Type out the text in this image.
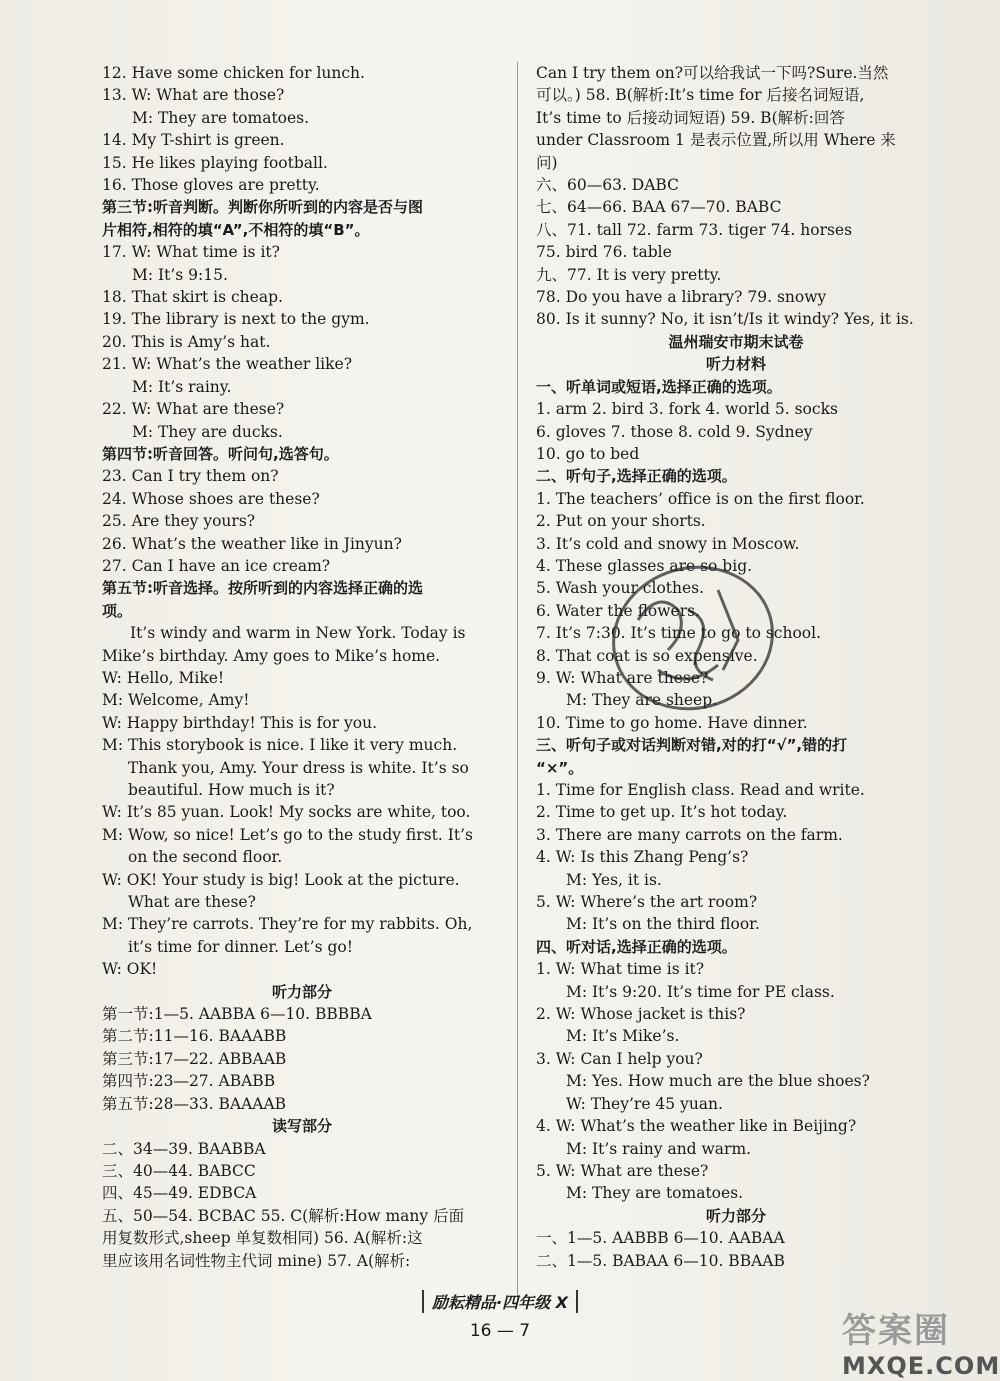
12. Have some chicken for lunch.
13. W: What are those?
M: They are tomatoes.
14. My T-shirt is green.
15. He likes playing football.
16. Those gloves are pretty.
第三节:听音判断。判断你所听到的内容是否与图
片相符,相符的填“A”,不相符的填“B”。
17. W: What time is it?
M: It’s 9:15.
18. That skirt is cheap.
19. The library is next to the gym.
20. This is Amy’s hat.
21. W: What’s the weather like?
M: It’s rainy.
22. W: What are these?
M: They are ducks.
第四节:听音回答。听问句,选答句。
23. Can I try them on?
24. Whose shoes are these?
25. Are they yours?
26. What’s the weather like in Jinyun?
27. Can I have an ice cream?
第五节:听音选择。按所听到的内容选择正确的选
项。
It’s windy and warm in New York. Today is
Mike’s birthday. Amy goes to Mike’s home.
W: Hello, Mike!
M: Welcome, Amy!
W: Happy birthday! This is for you.
M: This storybook is nice. I like it very much.
Thank you, Amy. Your dress is white. It’s so
beautiful. How much is it?
W: It’s 85 yuan. Look! My socks are white, too.
M: Wow, so nice! Let’s go to the study first. It’s
on the second floor.
W: OK! Your study is big! Look at the picture.
What are these?
M: They’re carrots. They’re for my rabbits. Oh,
it’s time for dinner. Let’s go!
W: OK!
听力部分
第一节:1—5. AABBA 6—10. BBBBA
第二节:11—16. BAAABB
第三节:17—22. ABBAAB
第四节:23—27. ABABB
第五节:28—33. BAAAAB
读写部分
二、34—39. BAABBA
三、40—44. BABCC
四、45—49. EDBCA
五、50—54. BCBAC 55. C(解析:How many 后面
用复数形式,sheep 单复数相同) 56. A(解析:这
里应该用名词性物主代词 mine) 57. A(解析:
Can I try them on?可以给我试一下吗?Sure.当然
可以。) 58. B(解析:It’s time for 后接名词短语,
It’s time to 后接动词短语) 59. B(解析:回答
under Classroom 1 是表示位置,所以用 Where 来
问)
六、60—63. DABC
七、64—66. BAA 67—70. BABC
八、71. tall 72. farm 73. tiger 74. horses
75. bird 76. table
九、77. It is very pretty.
78. Do you have a library? 79. snowy
80. Is it sunny? No, it isn’t/Is it windy? Yes, it is.
温州瑞安市期末试卷
听力材料
一、听单词或短语,选择正确的选项。
1. arm 2. bird 3. fork 4. world 5. socks
6. gloves 7. those 8. cold 9. Sydney
10. go to bed
二、听句子,选择正确的选项。
1. The teachers’ office is on the first floor.
2. Put on your shorts.
3. It’s cold and snowy in Moscow.
4. These glasses are so big.
5. Wash your clothes.
6. Water the flowers.
7. It’s 7:30. It’s time to go to school.
8. That coat is so expensive.
9. W: What are these?
M: They are sheep.
10. Time to go home. Have dinner.
三、听句子或对话判断对错,对的打“√”,错的打
“×”。
1. Time for English class. Read and write.
2. Time to get up. It’s hot today.
3. There are many carrots on the farm.
4. W: Is this Zhang Peng’s?
M: Yes, it is.
5. W: Where’s the art room?
M: It’s on the third floor.
四、听对话,选择正确的选项。
1. W: What time is it?
M: It’s 9:20. It’s time for PE class.
2. W: Whose jacket is this?
M: It’s Mike’s.
3. W: Can I help you?
M: Yes. How much are the blue shoes?
W: They’re 45 yuan.
4. W: What’s the weather like in Beijing?
M: It’s rainy and warm.
5. W: What are these?
M: They are tomatoes.
听力部分
一、1—5. AABBB 6—10. AABAA
二、1—5. BABAA 6—10. BBAAB
励耘精品·四年级 X
16 — 7	答案圈
MXQE.COM
